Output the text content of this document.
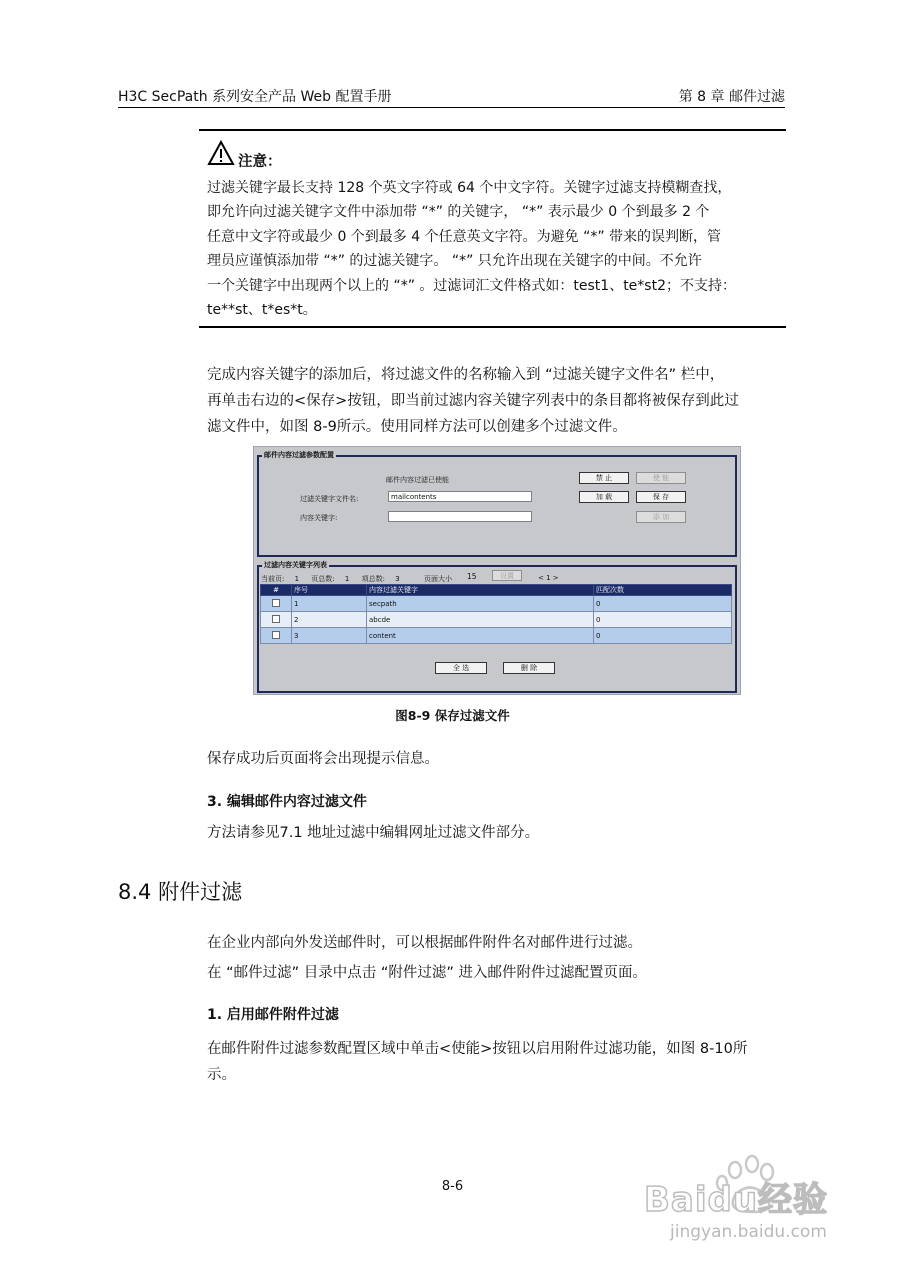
H3C SecPath 系列安全产品 Web 配置手册	第 8 章 邮件过滤
注意：
过滤关键字最长支持 128 个英文字符或 64 个中文字符。关键字过滤支持模糊查找，
即允许向过滤关键字文件中添加带 “*” 的关键字， “*” 表示最少 0 个到最多 2 个
任意中文字符或最少 0 个到最多 4 个任意英文字符。为避免 “*” 带来的误判断，管
理员应谨慎添加带 “*” 的过滤关键字。 “*” 只允许出现在关键字的中间。不允许
一个关键字中出现两个以上的 “*” 。过滤词汇文件格式如：test1、te*st2；不支持：
te**st、t*es*t。
完成内容关键字的添加后，将过滤文件的名称输入到 “过滤关键字文件名” 栏中，
再单击右边的<保存>按钮，即当前过滤内容关键字列表中的条目都将被保存到此过
滤文件中，如图 8-9所示。使用同样方法可以创建多个过滤文件。
邮件内容过滤参数配置
邮件内容过滤已使能
过滤关键字文件名:	mailcontents
内容关键字:
禁 止	使 能
加 载	保 存
添 加
过滤内容关键字列表
当前页: 1 页总数: 1 项总数: 3	页面大小 15	设置	< 1 >
#	序号	内容过滤关键字	匹配次数
	1	secpath	0
	2	abcde	0
	3	content	0
全 选	删 除
图8-9 保存过滤文件
保存成功后页面将会出现提示信息。
3. 编辑邮件内容过滤文件
方法请参见7.1 地址过滤中编辑网址过滤文件部分。
8.4 附件过滤
在企业内部向外发送邮件时，可以根据邮件附件名对邮件进行过滤。
在 “邮件过滤” 目录中点击 “附件过滤” 进入邮件附件过滤配置页面。
1. 启用邮件附件过滤
在邮件附件过滤参数配置区域中单击<使能>按钮以启用附件过滤功能，如图 8-10所
示。
8-6	Baidu经验
jingyan.baidu.com
